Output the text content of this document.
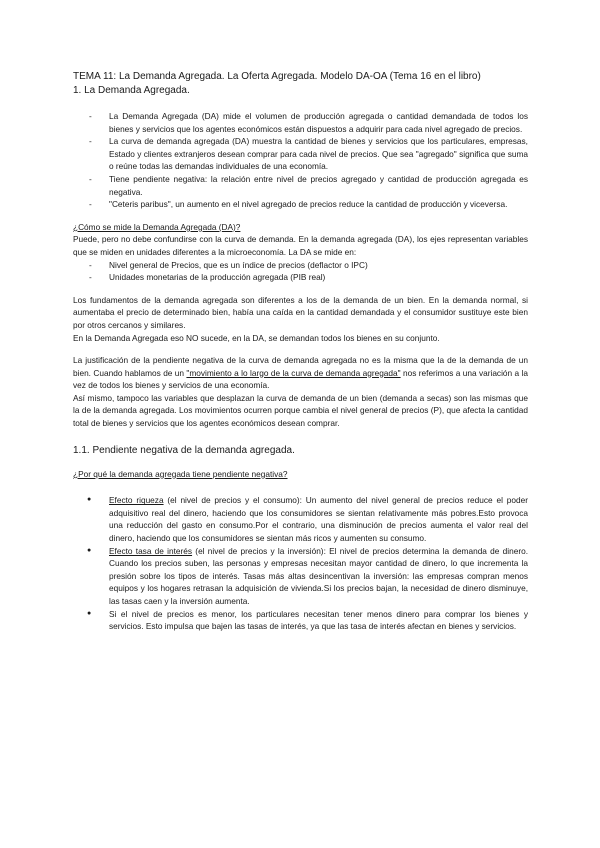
TEMA 11: La Demanda Agregada. La Oferta Agregada. Modelo DA-OA (Tema 16 en el libro)

1. La Demanda Agregada.

- La Demanda Agregada (DA) mide el volumen de producción agregada o cantidad demandada de todos los bienes y servicios que los agentes económicos están dispuestos a adquirir para cada nivel agregado de precios.
- La curva de demanda agregada (DA) muestra la cantidad de bienes y servicios que los particulares, empresas, Estado y clientes extranjeros desean comprar para cada nivel de precios. Que sea "agregado" significa que suma o reúne todas las demandas individuales de una economía.
- Tiene pendiente negativa: la relación entre nivel de precios agregado y cantidad de producción agregada es negativa.
- "Ceteris paribus", un aumento en el nivel agregado de precios reduce la cantidad de producción y viceversa.

¿Cómo se mide la Demanda Agregada (DA)?

Puede, pero no debe confundirse con la curva de demanda. En la demanda agregada (DA), los ejes representan variables que se miden en unidades diferentes a la microeconomía. La DA se mide en:

- Nivel general de Precios, que es un índice de precios (deflactor o IPC)
- Unidades monetarias de la producción agregada (PIB real)

Los fundamentos de la demanda agregada son diferentes a los de la demanda de un bien. En la demanda normal, si aumentaba el precio de determinado bien, había una caída en la cantidad demandada y el consumidor sustituye este bien por otros cercanos y similares.

En la Demanda Agregada eso NO sucede, en la DA, se demandan todos los bienes en su conjunto.

La justificación de la pendiente negativa de la curva de demanda agregada no es la misma que la de la demanda de un bien. Cuando hablamos de un "movimiento a lo largo de la curva de demanda agregada" nos referimos a una variación a la vez de todos los bienes y servicios de una economía.

Así mismo, tampoco las variables que desplazan la curva de demanda de un bien (demanda a secas) son las mismas que la de la demanda agregada. Los movimientos ocurren porque cambia el nivel general de precios (P), que afecta la cantidad total de bienes y servicios que los agentes económicos desean comprar.

1.1. Pendiente negativa de la demanda agregada.

¿Por qué la demanda agregada tiene pendiente negativa?

● Efecto riqueza (el nivel de precios y el consumo): Un aumento del nivel general de precios reduce el poder adquisitivo real del dinero, haciendo que los consumidores se sientan relativamente más pobres.Esto provoca una reducción del gasto en consumo.Por el contrario, una disminución de precios aumenta el valor real del dinero, haciendo que los consumidores se sientan más ricos y aumenten su consumo.
● Efecto tasa de interés (el nivel de precios y la inversión): El nivel de precios determina la demanda de dinero. Cuando los precios suben, las personas y empresas necesitan mayor cantidad de dinero, lo que incrementa la presión sobre los tipos de interés. Tasas más altas desincentivan la inversión: las empresas compran menos equipos y los hogares retrasan la adquisición de vivienda.Si los precios bajan, la necesidad de dinero disminuye, las tasas caen y la inversión aumenta.
● Si el nivel de precios es menor, los particulares necesitan tener menos dinero para comprar los bienes y servicios. Esto impulsa que bajen las tasas de interés, ya que las tasa de interés afectan en bienes y servicios.
